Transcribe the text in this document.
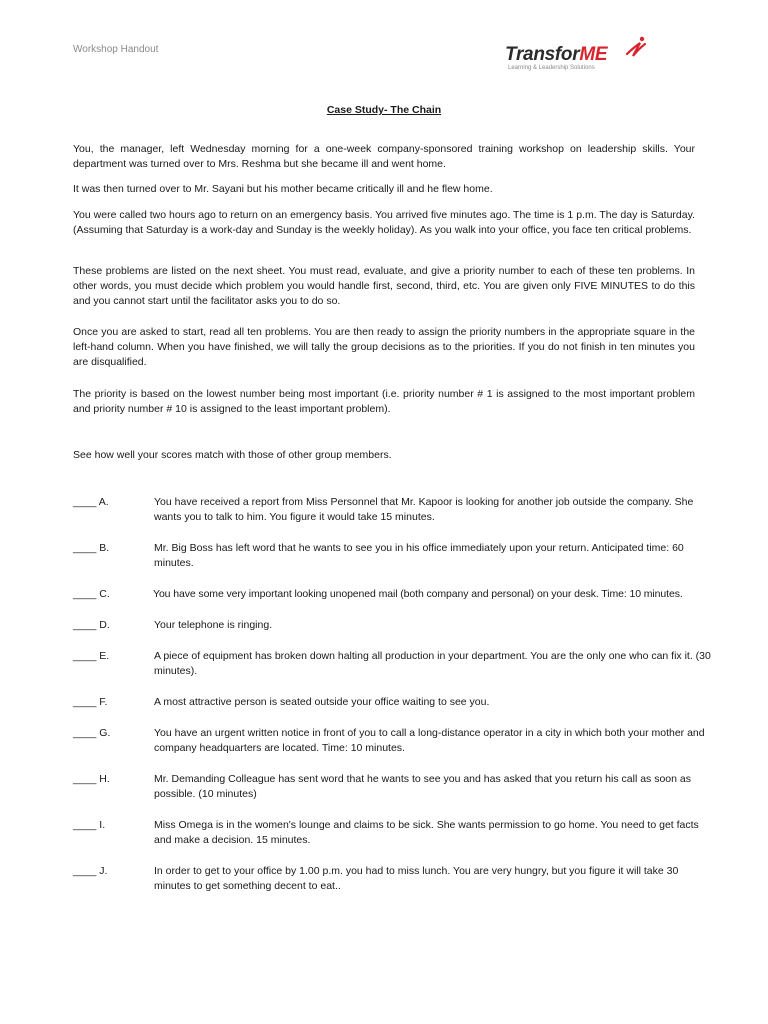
Workshop Handout	TransforME
Learning & Leadership Solutions
Case Study- The Chain

You, the manager, left Wednesday morning for a one-week company-sponsored training workshop on leadership skills. Your department was turned over to Mrs. Reshma but she became ill and went home.

It was then turned over to Mr. Sayani but his mother became critically ill and he flew home.

You were called two hours ago to return on an emergency basis. You arrived five minutes ago. The time is 1 p.m. The day is Saturday. (Assuming that Saturday is a work-day and Sunday is the weekly holiday). As you walk into your office, you face ten critical problems.

These problems are listed on the next sheet. You must read, evaluate, and give a priority number to each of these ten problems. In other words, you must decide which problem you would handle first, second, third, etc. You are given only FIVE MINUTES to do this and you cannot start until the facilitator asks you to do so.

Once you are asked to start, read all ten problems. You are then ready to assign the priority numbers in the appropriate square in the left-hand column. When you have finished, we will tally the group decisions as to the priorities. If you do not finish in ten minutes you are disqualified.

The priority is based on the lowest number being most important (i.e. priority number # 1 is assigned to the most important problem and priority number # 10 is assigned to the least important problem).

See how well your scores match with those of other group members.

____ A.	You have received a report from Miss Personnel that Mr. Kapoor is looking for another job outside the company. She wants you to talk to him. You figure it would take 15 minutes.

____ B.	Mr. Big Boss has left word that he wants to see you in his office immediately upon your return. Anticipated time: 60 minutes.

____ C.	You have some very important looking unopened mail (both company and personal) on your desk. Time: 10 minutes.

____ D.	Your telephone is ringing.

____ E.	A piece of equipment has broken down halting all production in your department. You are the only one who can fix it. (30 minutes).

____ F.	A most attractive person is seated outside your office waiting to see you.

____ G.	You have an urgent written notice in front of you to call a long-distance operator in a city in which both your mother and company headquarters are located. Time: 10 minutes.

____ H.	Mr. Demanding Colleague has sent word that he wants to see you and has asked that you return his call as soon as possible. (10 minutes)

____ I.	Miss Omega is in the women's lounge and claims to be sick. She wants permission to go home. You need to get facts and make a decision. 15 minutes.

____ J.	In order to get to your office by 1.00 p.m. you had to miss lunch. You are very hungry, but you figure it will take 30 minutes to get something decent to eat..
